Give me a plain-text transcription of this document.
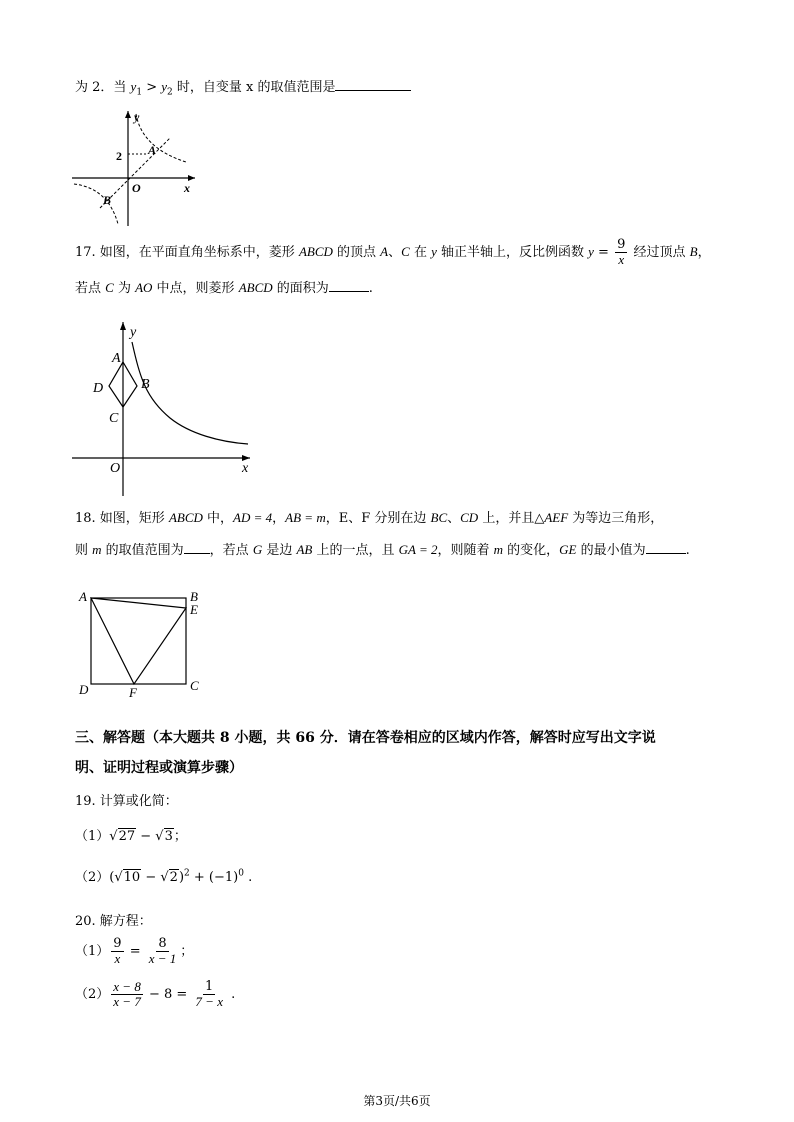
为 2．当 $y_1 > y_2$ 时，自变量 x 的取值范围是
y
x
O
A
B
2
17. 如图，在平面直角坐标系中，菱形 ABCD 的顶点 A、C 在 y 轴正半轴上，反比例函数 $y = \frac{9}{x}$ 经过顶点 B，
若点 C 为 AO 中点，则菱形 ABCD 的面积为	.
y
x
O
A
B
C
D
18. 如图，矩形 ABCD 中，AD = 4，AB = m，E、F 分别在边 BC、CD 上，并且△AEF 为等边三角形，
则 m 的取值范围为 ，若点 G 是边 AB 上的一点，且 GA = 2，则随着 m 的变化，GE 的最小值为	.
A	B
E
C
D	F
三、解答题（本大题共 8 小题，共 66 分．请在答卷相应的区域内作答，解答时应写出文字说
明、证明过程或演算步骤）
19. 计算或化简：
（1）√27 − √3；
$(2)(√10 - √2)^2 + (-1)^0$ .
20. 解方程：
$(1) \frac{9}{x} = \frac{8}{x - 1}$ ；
$(2) \frac{x - 8}{x - 7} - 8 = \frac{1}{7 - x}$ .
第3页/共6页
